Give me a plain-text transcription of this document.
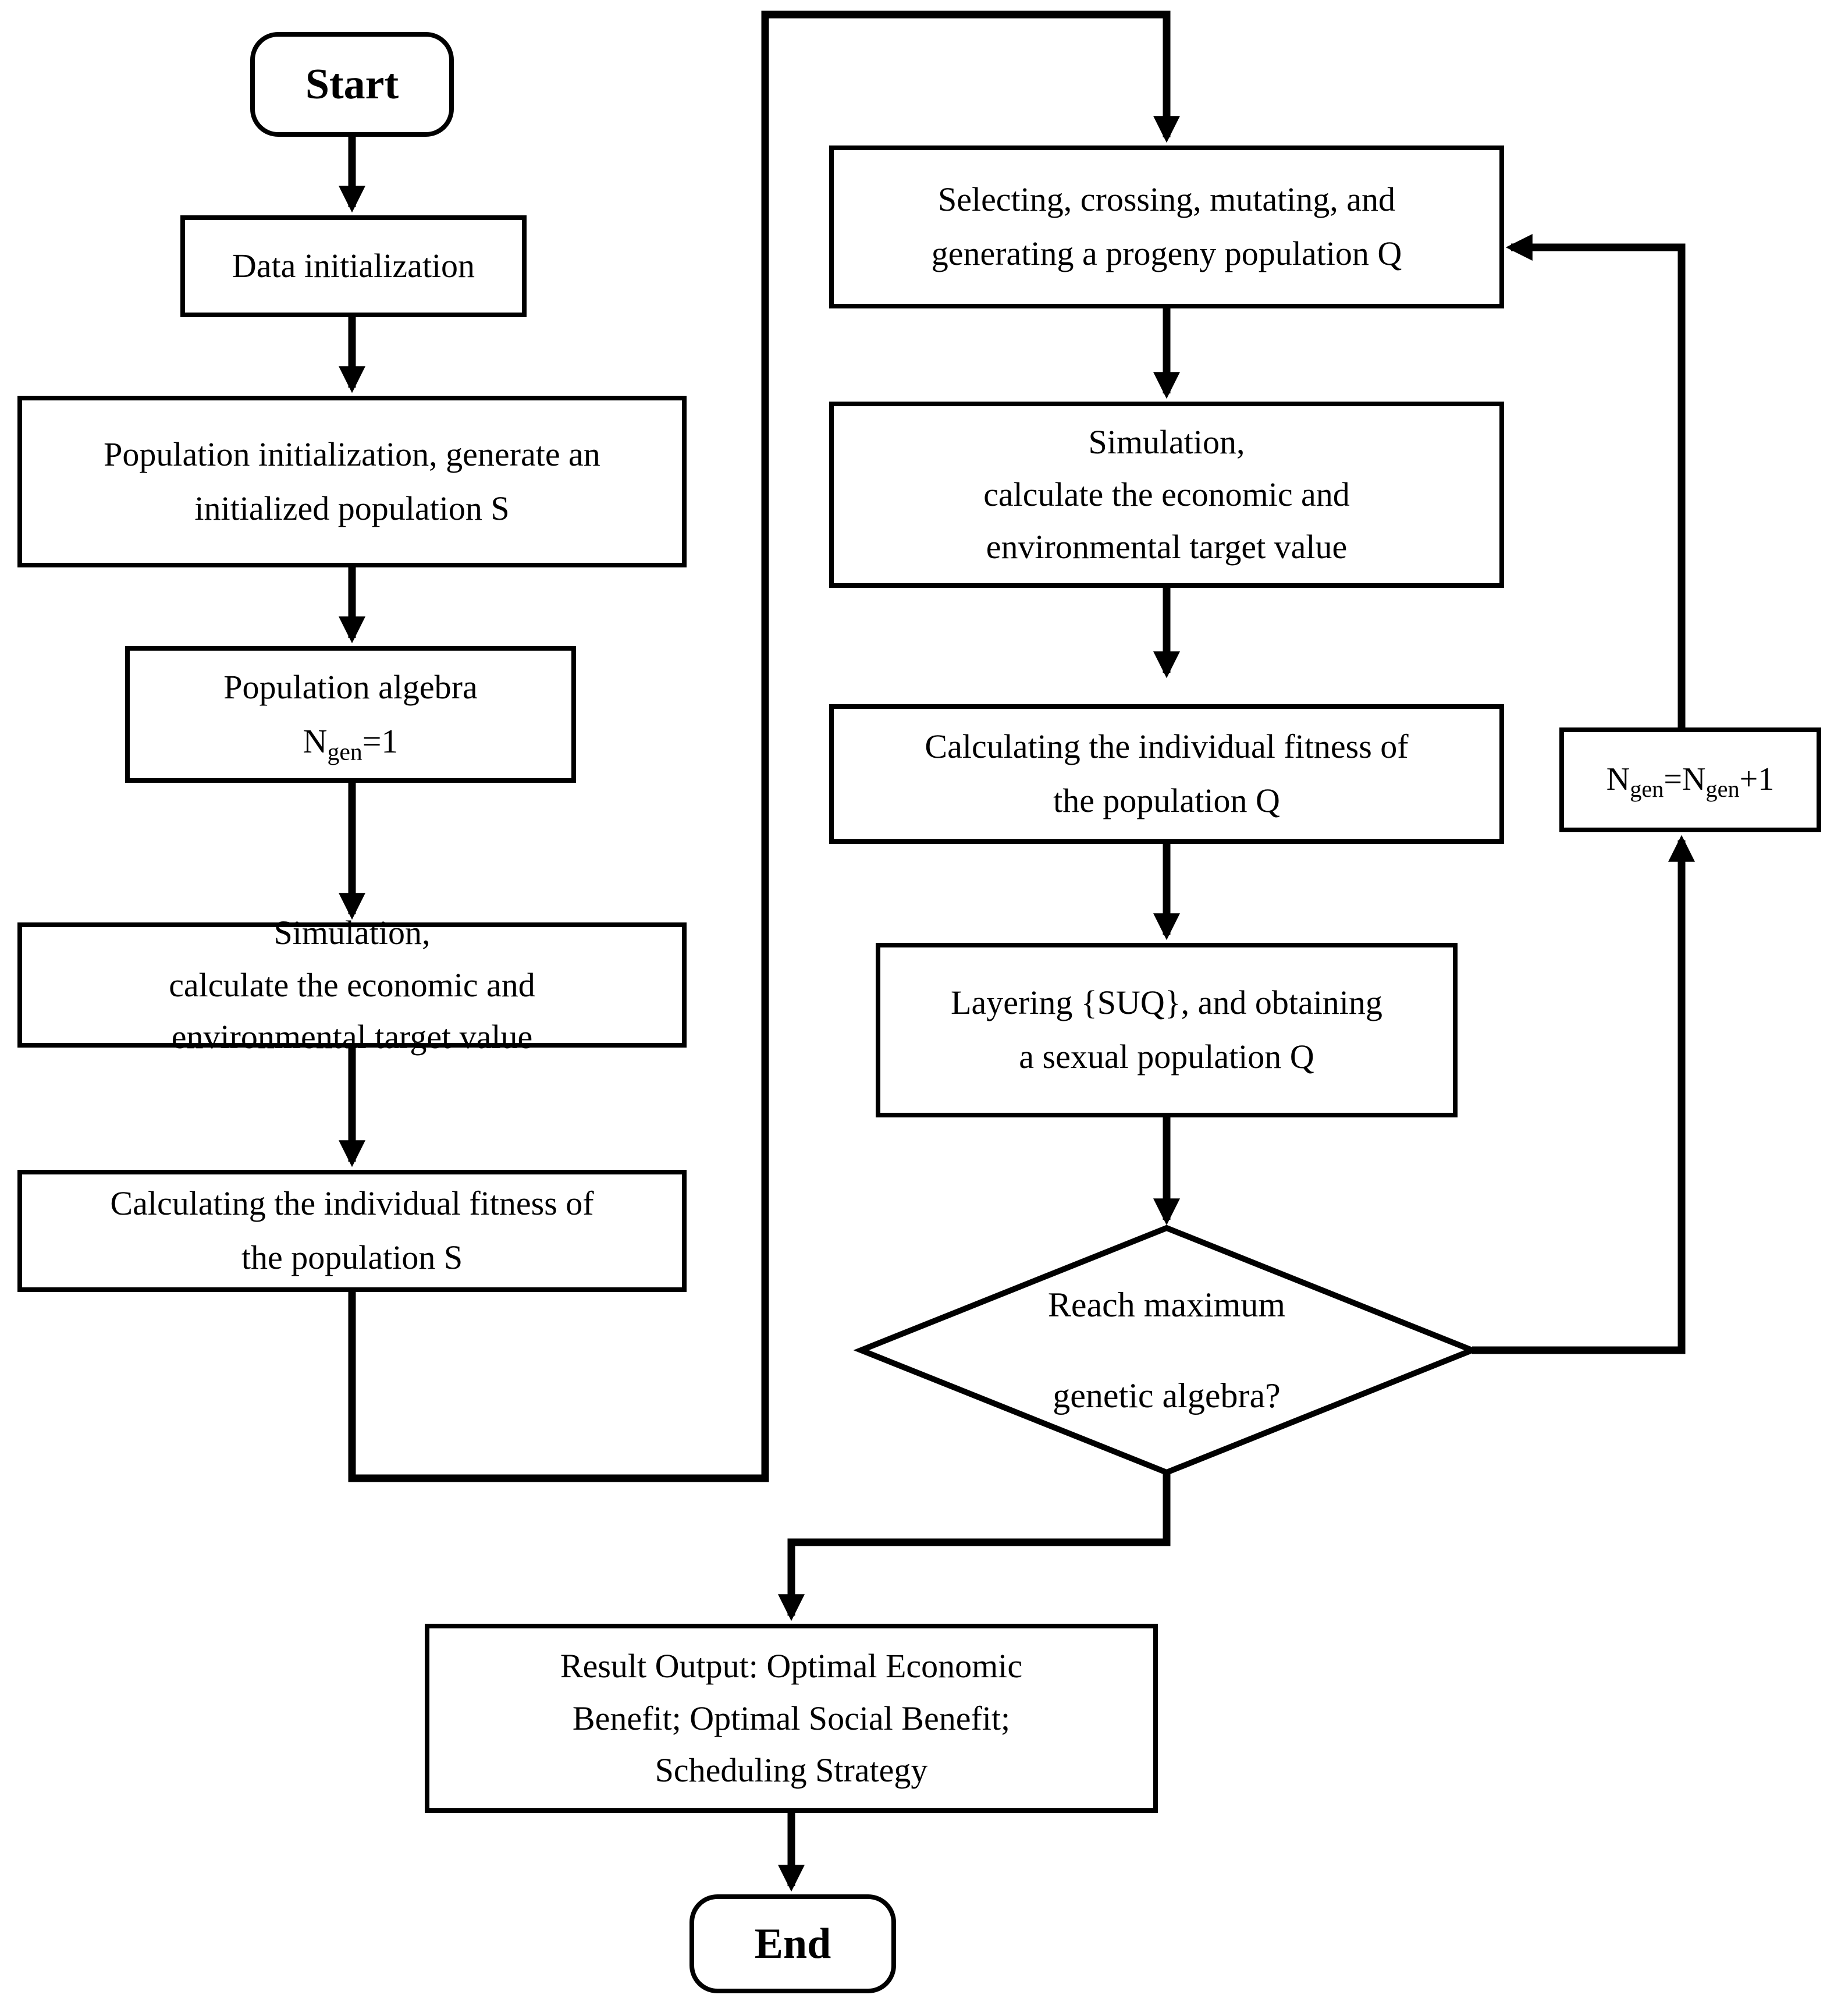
Start
Data initialization
Population initialization, generate an
initialized population S
Population algebra
$N_{gen}=1$
Simulation,
calculate the economic and
environmental target value
Calculating the individual fitness of
the population S
Selecting, crossing, mutating, and
generating a progeny population Q
Simulation,
calculate the economic and
environmental target value
Calculating the individual fitness of
the population Q
Layering {SUQ}, and obtaining
a sexual population Q
Reach maximum
genetic algebra?
$N_{gen}=N_{gen}+1$
Result Output: Optimal Economic
Benefit; Optimal Social Benefit;
Scheduling Strategy
End
